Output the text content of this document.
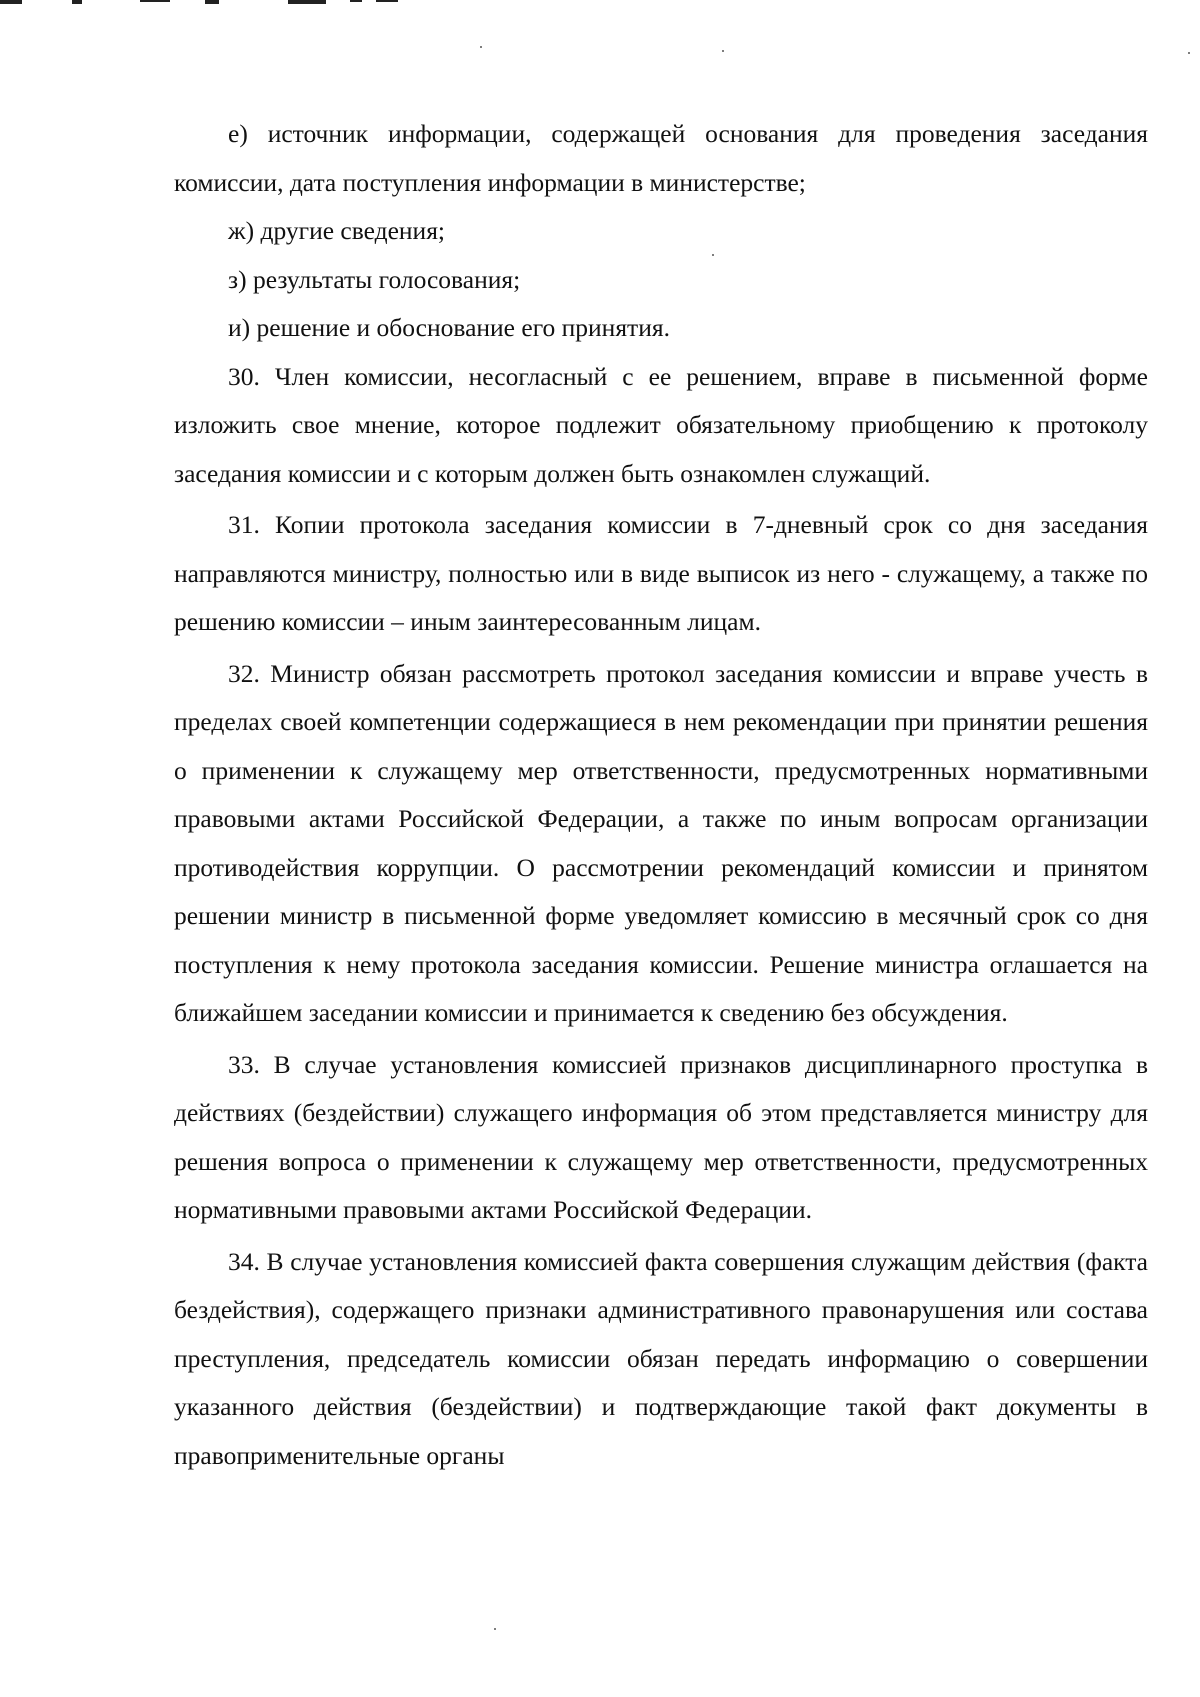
е) источник информации, содержащей основания для проведения заседания комиссии, дата поступления информации в министерстве;

ж) другие сведения;

з) результаты голосования;

и) решение и обоснование его принятия.

30. Член комиссии, несогласный с ее решением, вправе в письменной форме изложить свое мнение, которое подлежит обязательному приобщению к протоколу заседания комиссии и с которым должен быть ознакомлен служащий.

31. Копии протокола заседания комиссии в 7-дневный срок со дня заседания направляются министру, полностью или в виде выписок из него - служащему, а также по решению комиссии – иным заинтересованным лицам.

32. Министр обязан рассмотреть протокол заседания комиссии и вправе учесть в пределах своей компетенции содержащиеся в нем рекомендации при принятии решения о применении к служащему мер ответственности, предусмотренных нормативными правовыми актами Российской Федерации, а также по иным вопросам организации противодействия коррупции. О рассмотрении рекомендаций комиссии и принятом решении министр в письменной форме уведомляет комиссию в месячный срок со дня поступления к нему протокола заседания комиссии. Решение министра оглашается на ближайшем заседании комиссии и принимается к сведению без обсуждения.

33. В случае установления комиссией признаков дисциплинарного проступка в действиях (бездействии) служащего информация об этом представляется министру для решения вопроса о применении к служащему мер ответственности, предусмотренных нормативными правовыми актами Российской Федерации.

34. В случае установления комиссией факта совершения служащим действия (факта бездействия), содержащего признаки административного правонарушения или состава преступления, председатель комиссии обязан передать информацию о совершении указанного действия (бездействии) и подтверждающие такой факт документы в правоприменительные органы
